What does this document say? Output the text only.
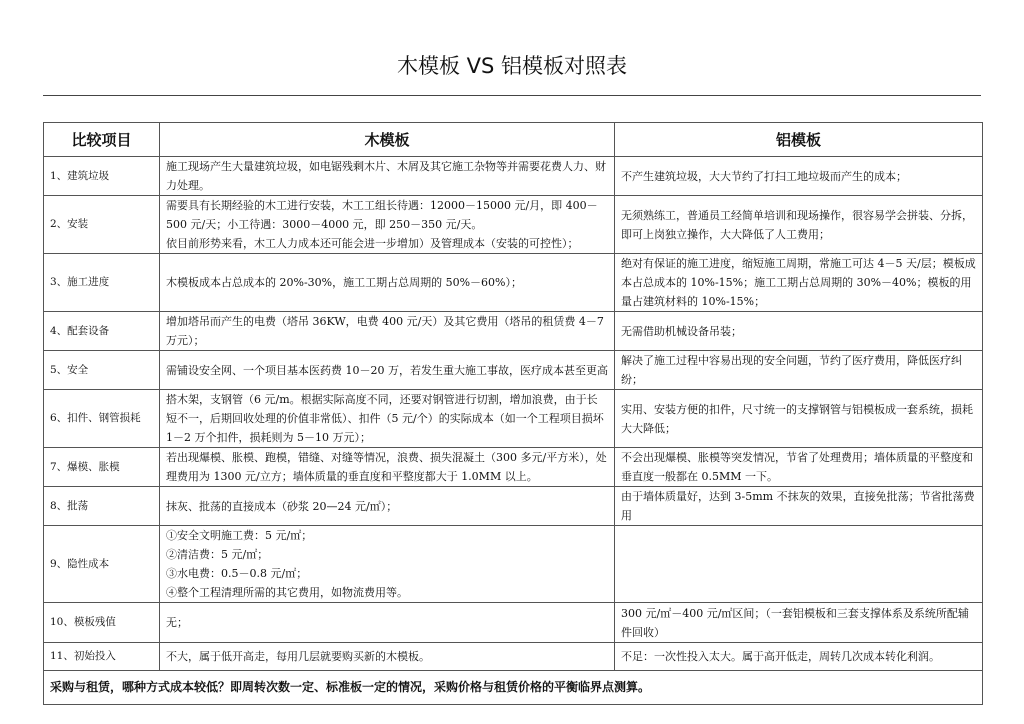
木模板 VS 铝模板对照表
比较项目	木模板	铝模板
1、建筑垃圾	施工现场产生大量建筑垃圾，如电锯残剩木片、木屑及其它施工杂物等并需要花费人力、财力处理。	不产生建筑垃圾，大大节约了打扫工地垃圾而产生的成本；

2、安装	需要具有长期经验的木工进行安装，木工工组长待遇：12000－15000 元/月，即 400－500 元/天；小工待遇：3000－4000 元，即 250－350 元/天。
依目前形势来看，木工人力成本还可能会进一步增加）及管理成本（安装的可控性）；	无须熟练工，普通员工经简单培训和现场操作，很容易学会拼装、分拆，即可上岗独立操作，大大降低了人工费用；

3、施工进度	木模板成本占总成本的 20%-30%，施工工期占总周期的 50%－60%）；	绝对有保证的施工进度，缩短施工周期，常施工可达 4－5 天/层；模板成本占总成本的 10%-15%；施工工期占总周期的 30%－40%；模板的用量占建筑材料的 10%-15%；

4、配套设备	增加塔吊而产生的电费（塔吊 36KW，电费 400 元/天）及其它费用（塔吊的租赁费 4－7 万元）；	无需借助机械设备吊装；

5、安全	需铺设安全网、一个项目基本医药费 10－20 万，若发生重大施工事故，医疗成本甚至更高	解决了施工过程中容易出现的安全问题，节约了医疗费用，降低医疗纠纷；

6、扣件、钢管损耗	搭木架，支钢管（6 元/m。根据实际高度不同，还要对钢管进行切割，增加浪费，由于长短不一，后期回收处理的价值非常低）、扣件（5 元/个）的实际成本（如一个工程项目损坏 1－2 万个扣件，损耗则为 5－10 万元）；	实用、安装方便的扣件，尺寸统一的支撑钢管与铝模板成一套系统，损耗大大降低；

7、爆模、胀模	若出现爆模、胀模、跑模，错缝、对缝等情况，浪费、损失混凝土（300 多元/平方米），处理费用为 1300 元/立方；墙体质量的垂直度和平整度都大于 1.0MM 以上。	不会出现爆模、胀模等突发情况，节省了处理费用；墙体质量的平整度和垂直度一般都在 0.5MM 一下。

8、批荡	抹灰、批荡的直接成本（砂浆 20—24 元/㎡）；	由于墙体质量好，达到 3-5mm 不抹灰的效果，直接免批荡；节省批荡费用

9、隐性成本	①安全文明施工费：5 元/㎡；
②清洁费：5 元/㎡；
③水电费：0.5－0.8 元/㎡；
④整个工程清理所需的其它费用，如物流费用等。	

10、模板残值	无；	300 元/㎡－400 元/㎡区间；（一套铝模板和三套支撑体系及系统所配辅件回收）

11、初始投入	不大，属于低开高走，每用几层就要购买新的木模板。	不足：一次性投入太大。属于高开低走，周转几次成本转化利润。

采购与租赁，哪种方式成本较低？即周转次数一定、标准板一定的情况，采购价格与租赁价格的平衡临界点测算。		
